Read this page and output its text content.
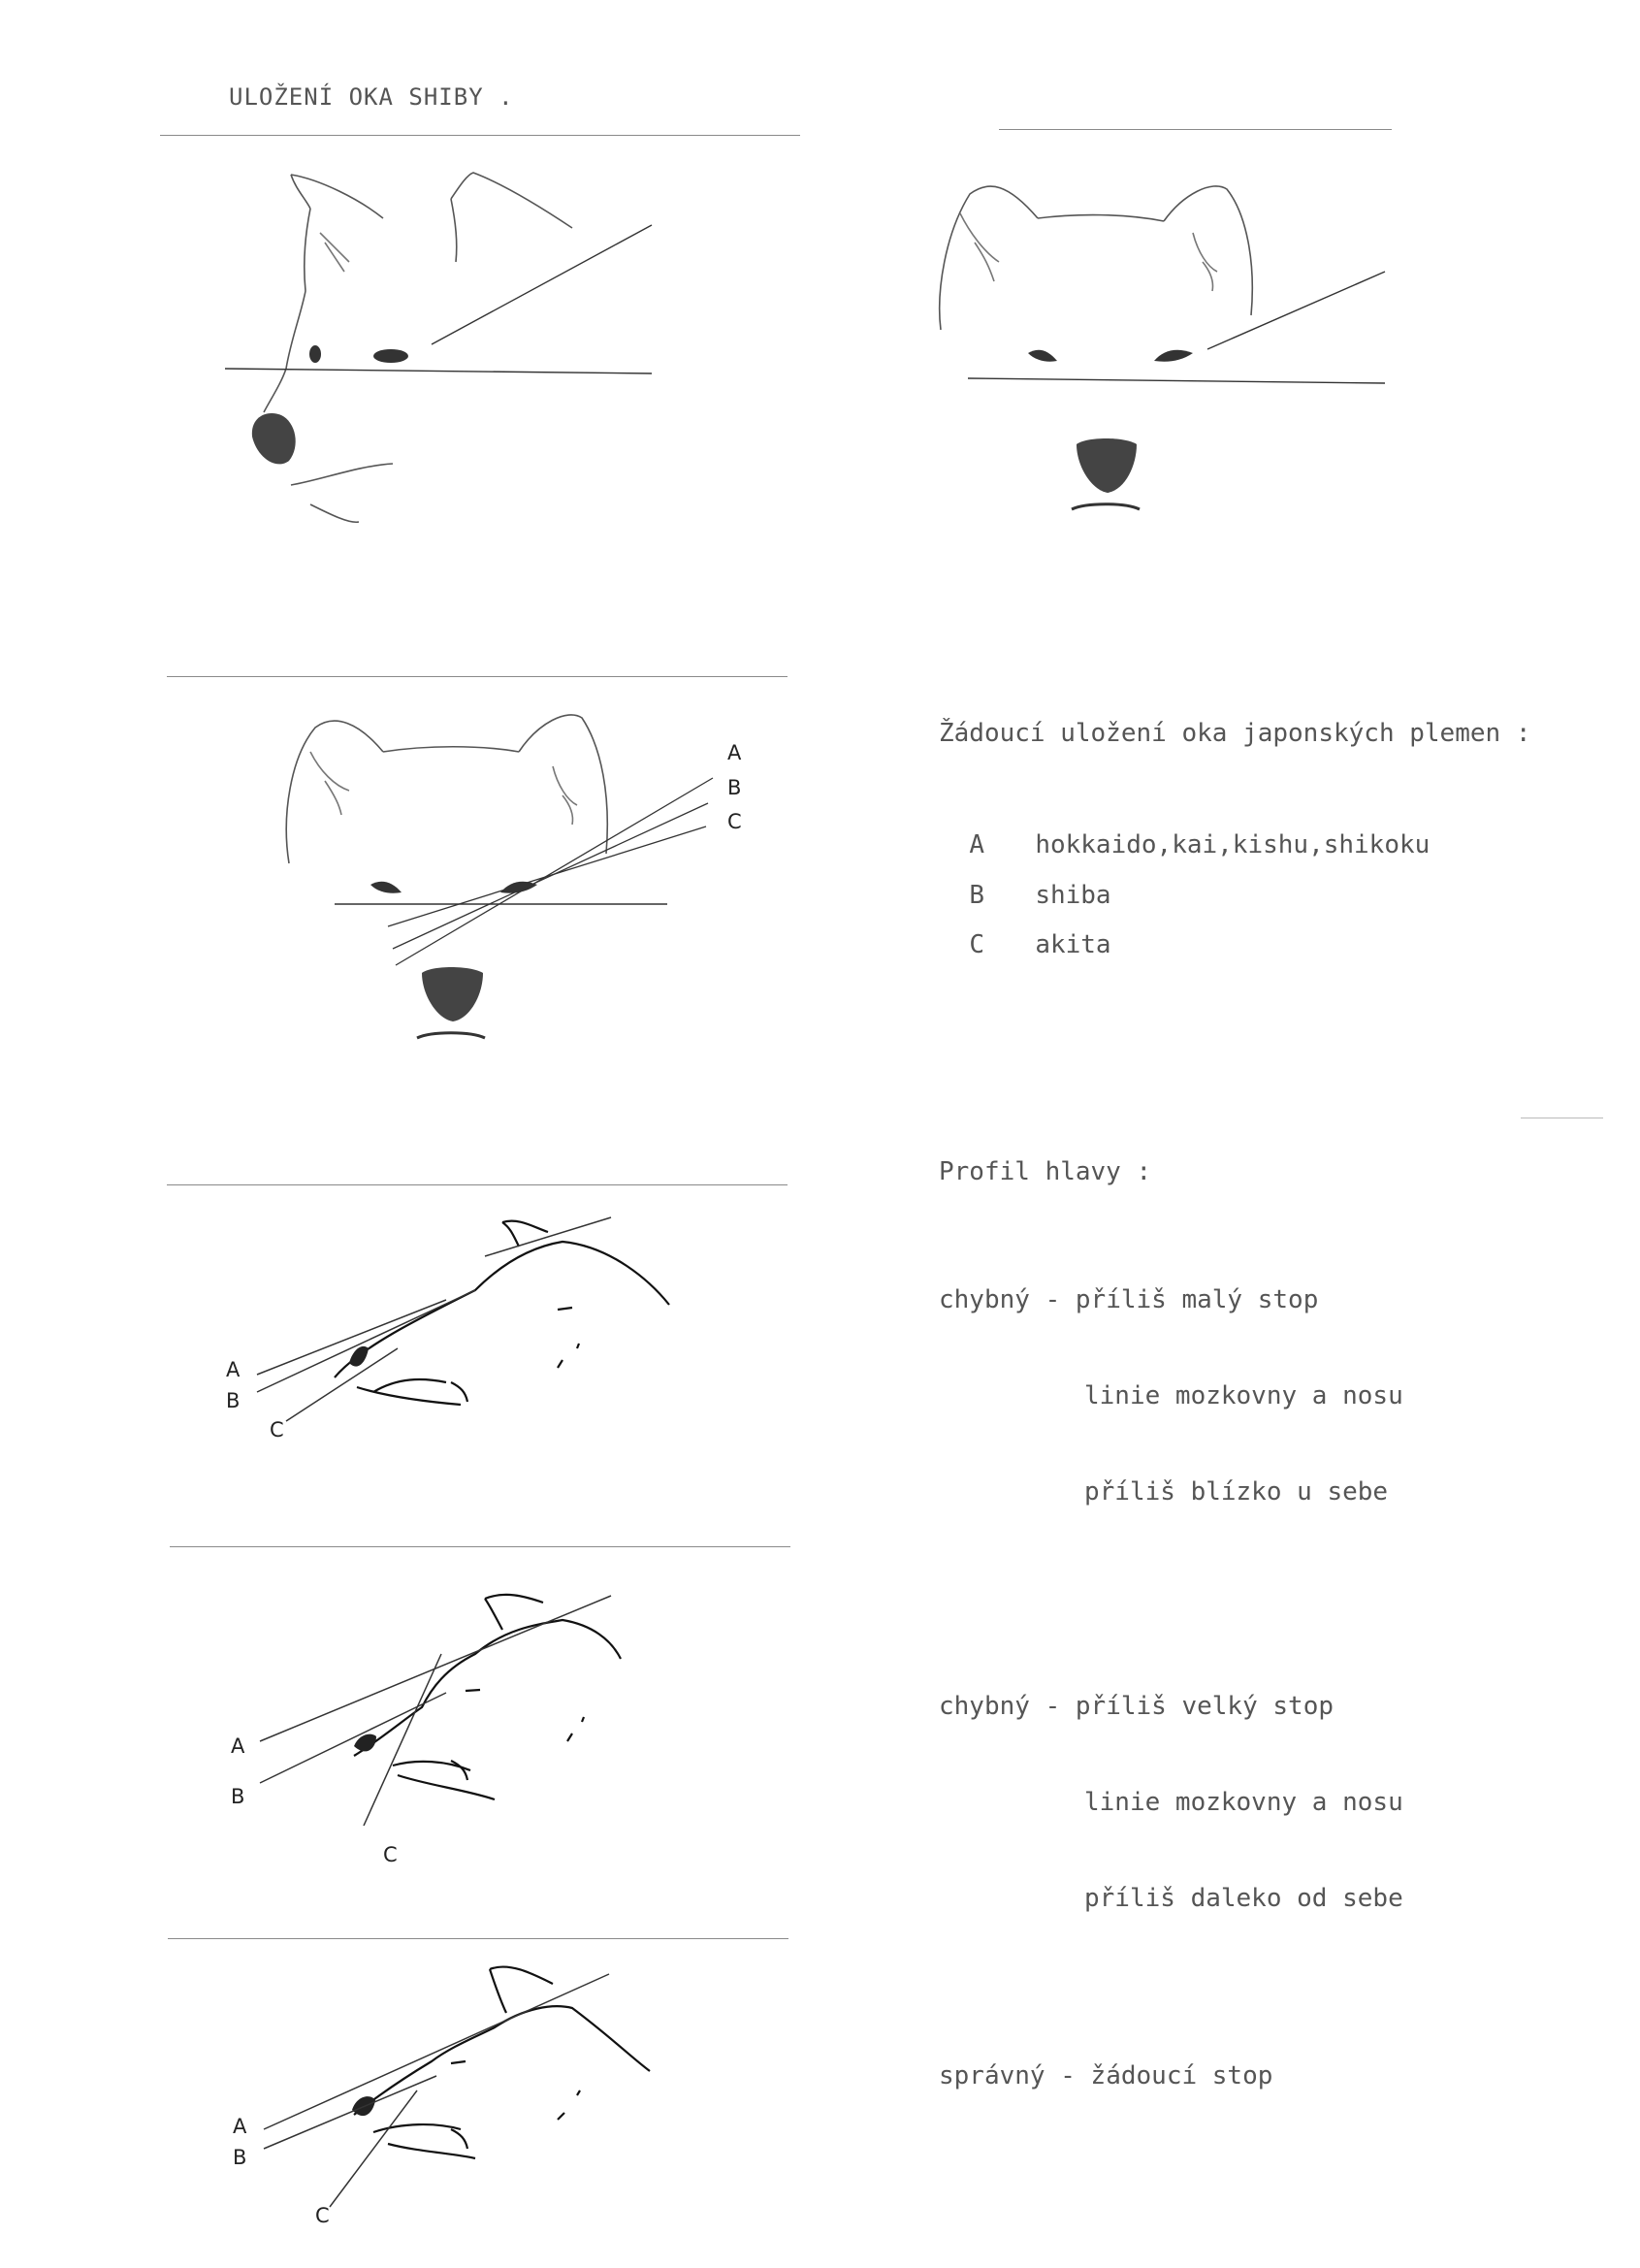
ULOŽENÍ OKA SHIBY .
A
B
C
Žádoucí uložení oka japonských plemen :

A hokkaido,kai,kishu,shikoku

B shiba

C akita

Profil hlavy :
A
B
C

chybný - příliš malý stop

linie mozkovny a nosu

příliš blízko u sebe

A
B
C

chybný - příliš velký stop

linie mozkovny a nosu

příliš daleko od sebe

A
B
C

správný - žádoucí stop
